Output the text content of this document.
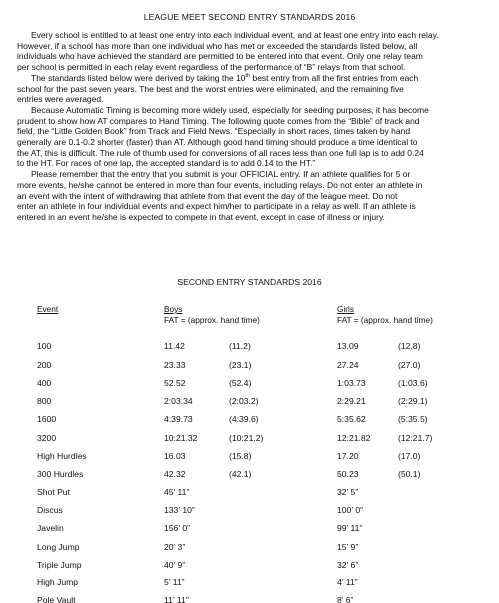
LEAGUE MEET SECOND ENTRY STANDARDS 2016

Every school is entitled to at least one entry into each individual event, and at least one entry into each relay.
However, if a school has more than one individual who has met or exceeded the standards listed below, all
individuals who have achieved the standard are permitted to be entered into that event. Only one relay team
per school is permitted in each relay event regardless of the performance of “B” relays from that school.

The standards listed below were derived by taking the 10th best entry from all the first entries from each
school for the past seven years. The best and the worst entries were eliminated, and the remaining five
entries were averaged.

Because Automatic Timing is becoming more widely used, especially for seeding purposes, it has become
prudent to show how AT compares to Hand Timing. The following quote comes from the “Bible” of track and
field, the “Little Golden Book” from Track and Field News. “Especially in short races, times taken by hand
generally are 0.1-0.2 shorter (faster) than AT. Although good hand timing should produce a time identical to
the AT, this is difficult. The rule of thumb used for conversions of all races less than one full lap is to add 0.24
to the HT. For races of one lap, the accepted standard is to add 0.14 to the HT.”

Please remember that the entry that you submit is your OFFICIAL entry. If an athlete qualifies for 5 or
more events, he/she cannot be entered in more than four events, including relays. Do not enter an athlete in
an event with the intent of withdrawing that athlete from that event the day of the league meet. Do not
enter an athlete in four individual events and expect him/her to participate in a relay as well. If an athlete is
entered in an event he/she is expected to compete in that event, except in case of illness or injury.

SECOND ENTRY STANDARDS 2016
Event	Boys
FAT = (approx. hand time)
Girls
FAT = (approx. hand time)
100	11.42	(11.2)	13.09	(12.8)
200	23.33	(23.1)	27.24	(27.0)
400	52.52	(52.4)	1:03.73	(1:03.6)
800	2:03.34	(2:03.2)	2:29.21	(2:29.1)
1600	4:39.73	(4:39.6)	5:35.62	(5:35.5)
3200	10:21.32	(10:21.2)	12:21.82	(12:21.7)
High Hurdles	16.03	(15.8)	17.20	(17.0)
300 Hurdles	42.32	(42.1)	50.23	(50.1)
Shot Put	45’ 11”	32’ 5”
Discus	133’ 10”	100’ 0”
Javelin	156’ 0”	99’ 11”
Long Jump	20’ 3”	15’ 9”
Triple Jump	40’ 9”	32’ 6”
High Jump	5’ 11”	4’ 11”
Pole Vault	11’ 11”	8’ 6”
